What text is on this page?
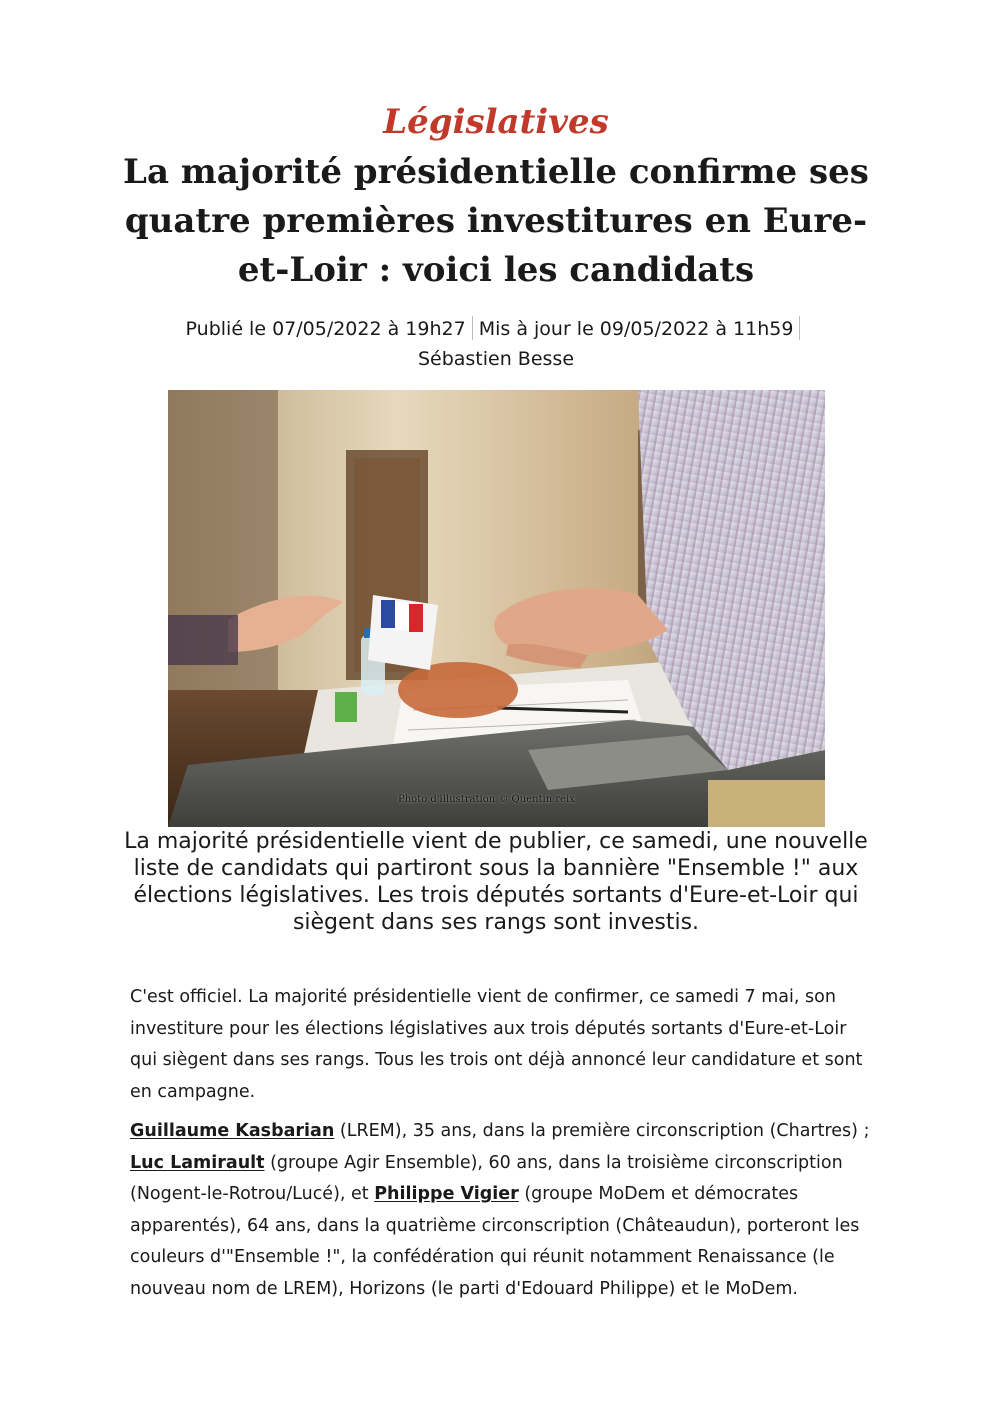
Législatives
La majorité présidentielle confirme ses quatre premières investitures en Eure-et-Loir : voici les candidats
Publié le 07/05/2022 à 19h27 Mis à jour le 09/05/2022 à 11h59Sébastien Besse
Photo d'illustration © Quentin reix

La majorité présidentielle vient de publier, ce samedi, une nouvelle liste de candidats qui partiront sous la bannière "Ensemble !" aux élections législatives. Les trois députés sortants d'Eure-et-Loir qui siègent dans ses rangs sont investis.

C'est officiel. La majorité présidentielle vient de confirmer, ce samedi 7 mai, son investiture pour les élections législatives aux trois députés sortants d'Eure-et-Loir qui siègent dans ses rangs. Tous les trois ont déjà annoncé leur candidature et sont en campagne.

Guillaume Kasbarian (LREM), 35 ans, dans la première circonscription (Chartres) ; Luc Lamirault (groupe Agir Ensemble), 60 ans, dans la troisième circonscription (Nogent-le-Rotrou/Lucé), et Philippe Vigier (groupe MoDem et démocrates apparentés), 64 ans, dans la quatrième circonscription (Châteaudun), porteront les couleurs d'"Ensemble !", la confédération qui réunit notamment Renaissance (le nouveau nom de LREM), Horizons (le parti d'Edouard Philippe) et le MoDem.
